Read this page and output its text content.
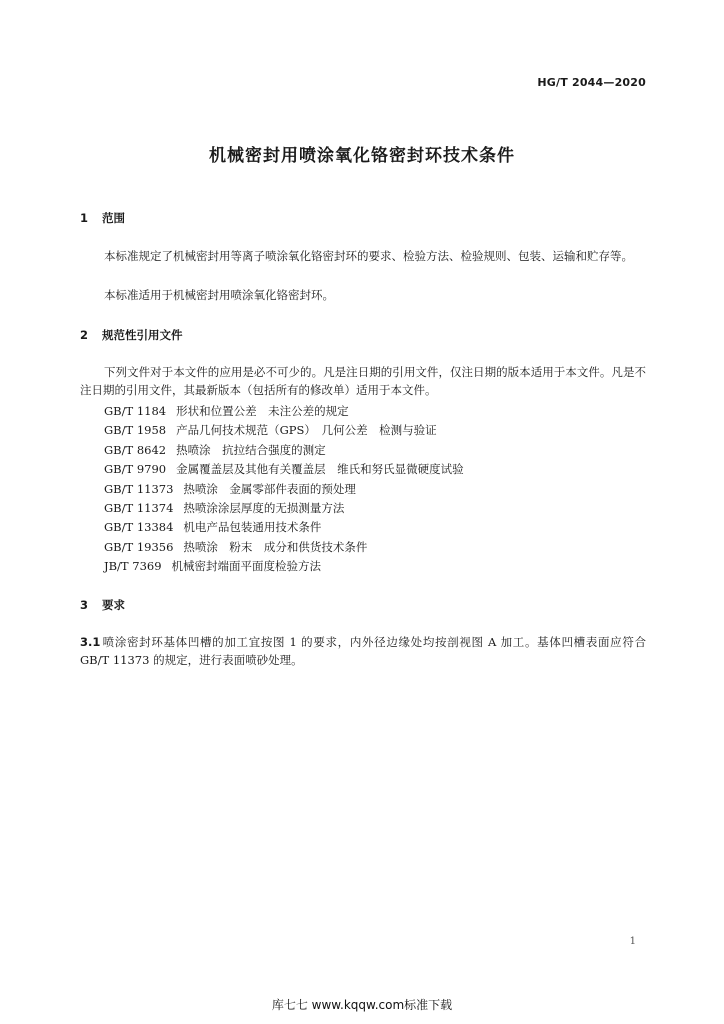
HG/T 2044—2020
机械密封用喷涂氧化铬密封环技术条件
1 范围
本标准规定了机械密封用等离子喷涂氧化铬密封环的要求、检验方法、检验规则、包装、运输和贮存等。
本标准适用于机械密封用喷涂氧化铬密封环。
2 规范性引用文件
下列文件对于本文件的应用是必不可少的。凡是注日期的引用文件，仅注日期的版本适用于本文件。凡是不注日期的引用文件，其最新版本（包括所有的修改单）适用于本文件。
GB/T 1184 形状和位置公差　未注公差的规定
GB/T 1958 产品几何技术规范（GPS）　几何公差　检测与验证
GB/T 8642 热喷涂　抗拉结合强度的测定
GB/T 9790 金属覆盖层及其他有关覆盖层　维氏和努氏显微硬度试验
GB/T 11373 热喷涂　金属零部件表面的预处理
GB/T 11374 热喷涂涂层厚度的无损测量方法
GB/T 13384 机电产品包装通用技术条件
GB/T 19356 热喷涂　粉末　成分和供货技术条件
JB/T 7369 机械密封端面平面度检验方法
3 要求
3.1 喷涂密封环基体凹槽的加工宜按图 1 的要求，内外径边缘处均按剖视图 A 加工。基体凹槽表面应符合 GB/T 11373 的规定，进行表面喷砂处理。
1
库七七 www.kqqw.com标准下载
